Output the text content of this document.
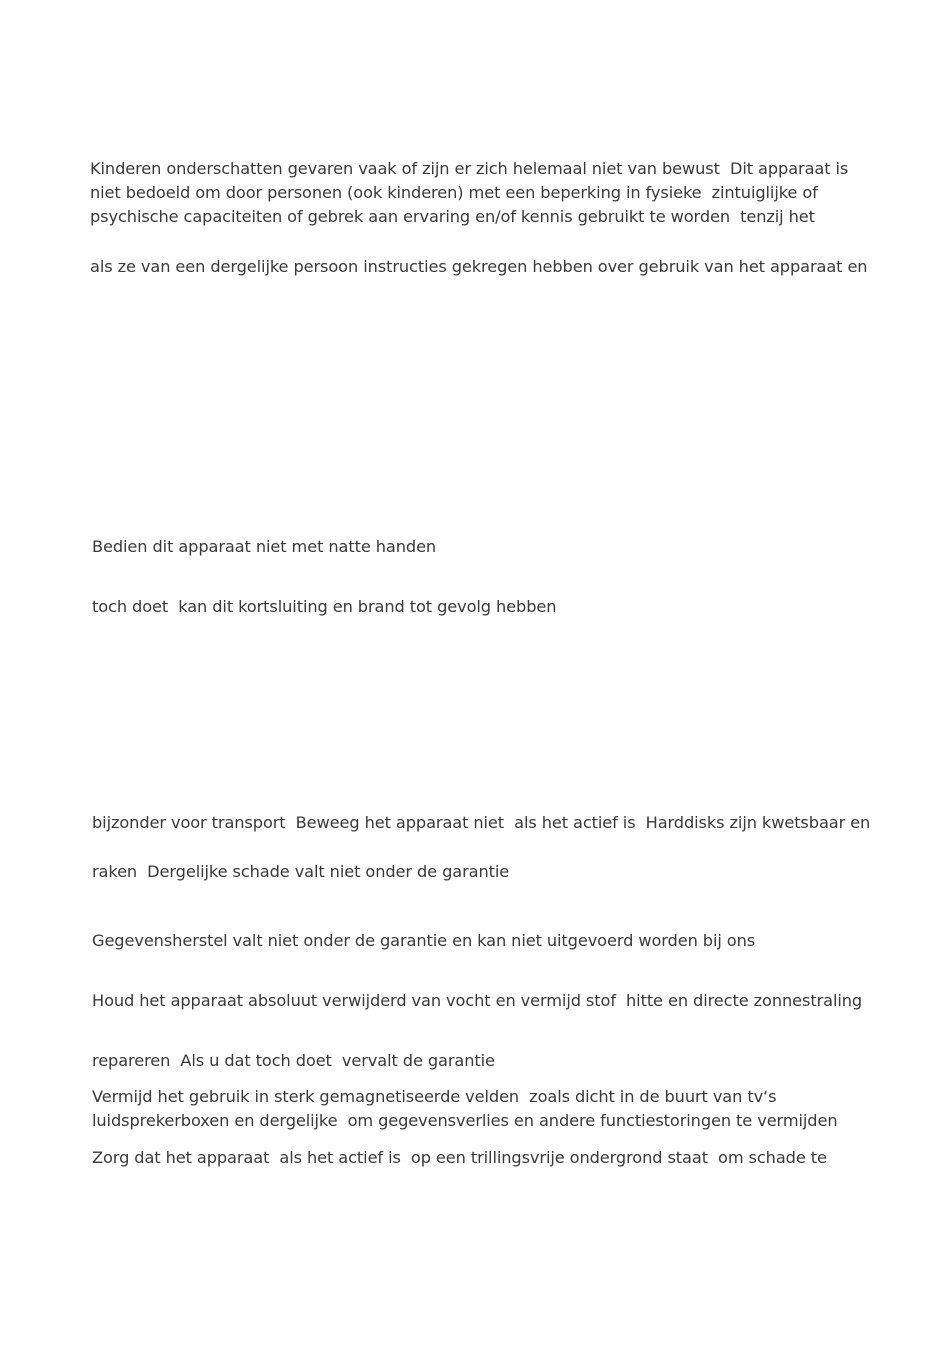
Kinderen onderschatten gevaren vaak of zijn er zich helemaal niet van bewust  Dit apparaat is
niet bedoeld om door personen (ook kinderen) met een beperking in fysieke  zintuiglijke of
psychische capaciteiten of gebrek aan ervaring en/of kennis gebruikt te worden  tenzij het
als ze van een dergelijke persoon instructies gekregen hebben over gebruik van het apparaat en
Bedien dit apparaat niet met natte handen
toch doet  kan dit kortsluiting en brand tot gevolg hebben
bijzonder voor transport  Beweeg het apparaat niet  als het actief is  Harddisks zijn kwetsbaar en
raken  Dergelijke schade valt niet onder de garantie
Gegevensherstel valt niet onder de garantie en kan niet uitgevoerd worden bij ons
Houd het apparaat absoluut verwijderd van vocht en vermijd stof  hitte en directe zonnestraling
repareren  Als u dat toch doet  vervalt de garantie
Vermijd het gebruik in sterk gemagnetiseerde velden  zoals dicht in de buurt van tv‘s
luidsprekerboxen en dergelijke  om gegevensverlies en andere functiestoringen te vermijden
Zorg dat het apparaat  als het actief is  op een trillingsvrije ondergrond staat  om schade te
